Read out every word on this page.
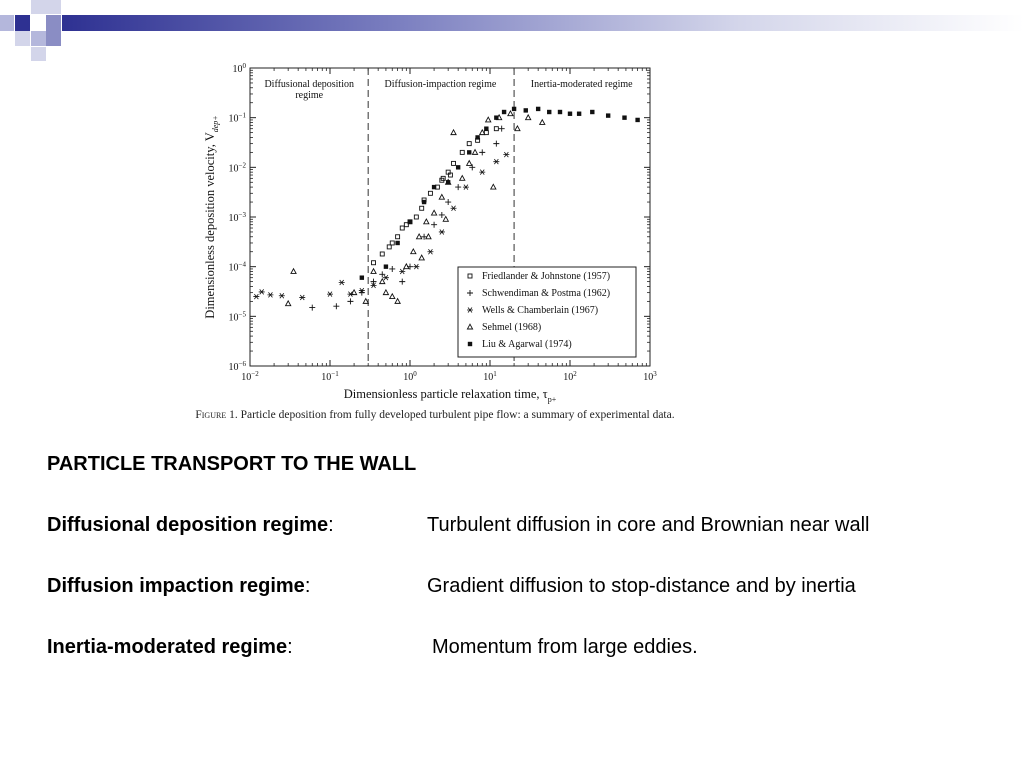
$10^{-2}$	$10^{-1}$	$10^0$	$10^1$	$10^2$	$10^3$
$10^{-6}$
$10^{-5}$
$10^{-4}$
$10^{-3}$
$10^{-2}$
$10^{-1}$
$10^0$
Dimensionless particle relaxation time, $\tau_{p+}$
Dimensionless deposition velocity, $V_{dep+}$
Diffusional deposition
regime
Diffusion-impaction regime	Inertia-moderated regime
Friedlander & Johnstone (1957)
Schwendiman & Postma (1962)
Wells & Chamberlain (1967)
Sehmel (1968)
Liu & Agarwal (1974)
Figure 1. Particle deposition from fully developed turbulent pipe flow: a summary of experimental data.
PARTICLE TRANSPORT TO THE WALL
Diffusional deposition regime:	Turbulent diffusion in core and Brownian near wall
Diffusion impaction regime:	Gradient diffusion to stop-distance and by inertia
Inertia-moderated regime:	Momentum from large eddies.
